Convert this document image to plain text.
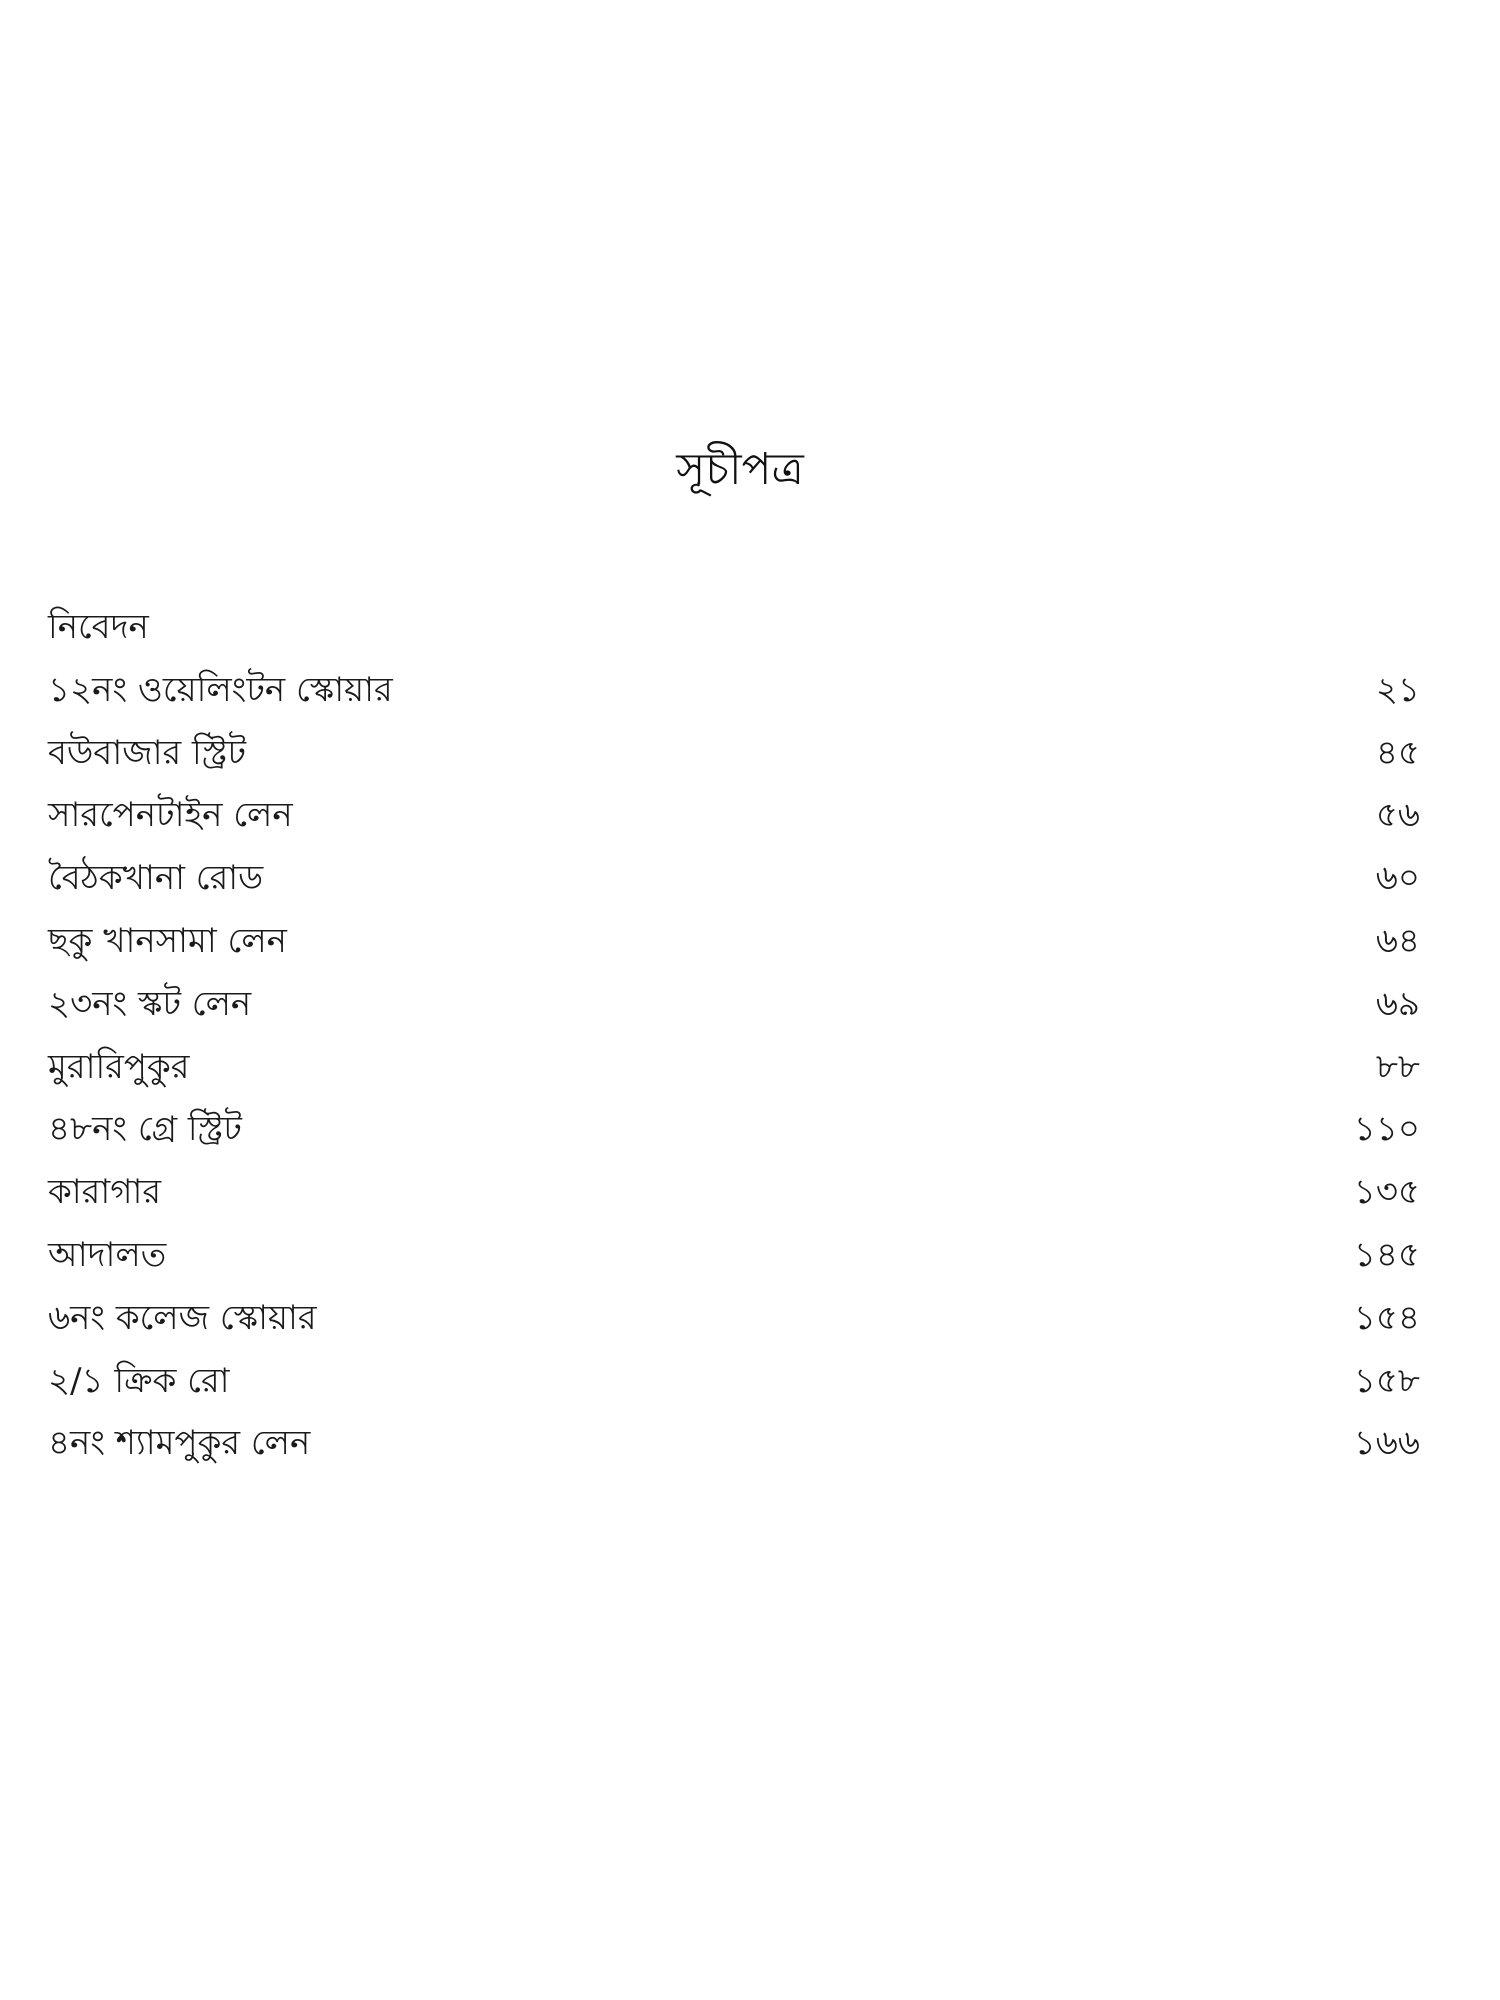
সূচীপত্র
নিবেদন
১২নং ওয়েলিংটন স্কোয়ার	২১
বউবাজার স্ট্রিট	৪৫
সারপেনটাইন লেন	৫৬
বৈঠকখানা রোড	৬০
ছকু খানসামা লেন	৬৪
২৩নং স্কট লেন	৬৯
মুরারিপুকুর	৮৮
৪৮নং গ্রে স্ট্রিট	১১০
কারাগার	১৩৫
আদালত	১৪৫
৬নং কলেজ স্কোয়ার	১৫৪
২/১ ক্রিক রো	১৫৮
৪নং শ্যামপুকুর লেন	১৬৬
